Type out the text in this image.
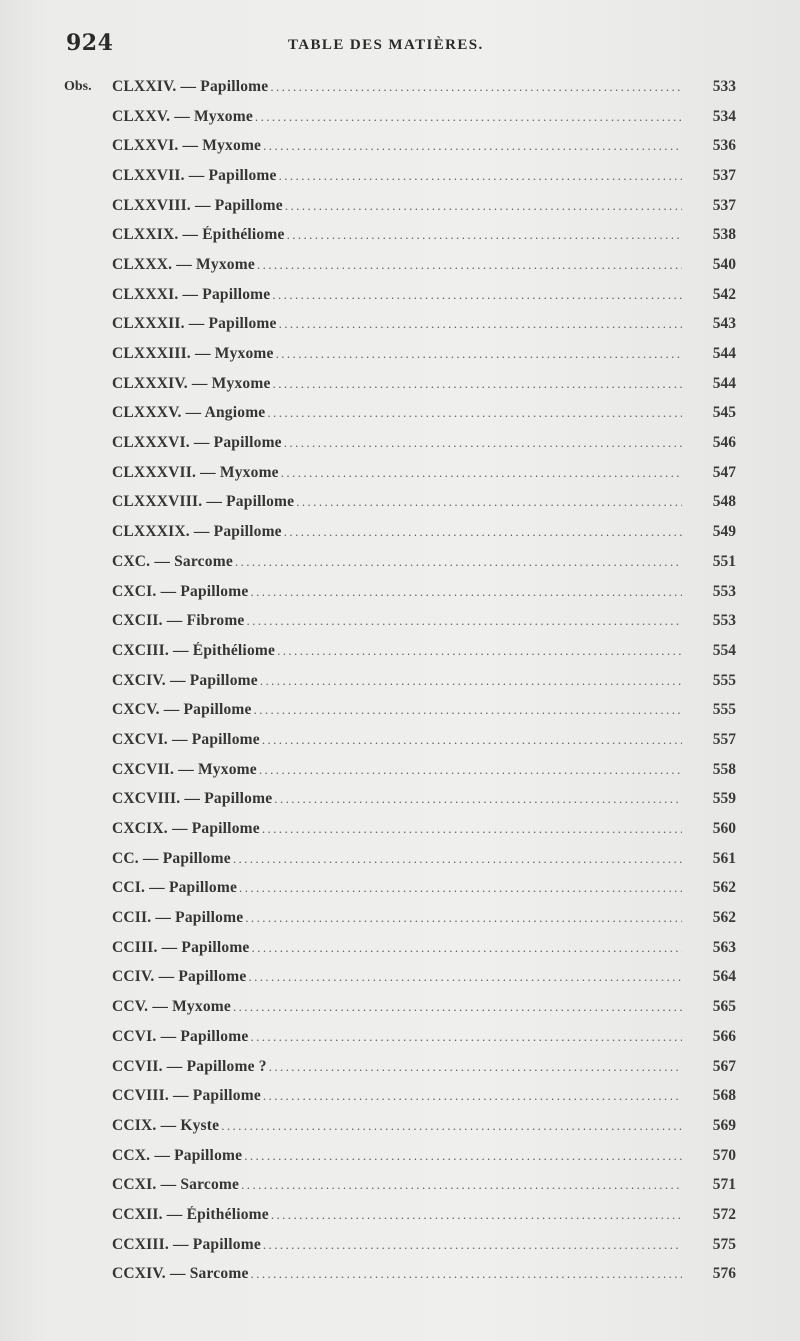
924	TABLE DES MATIÈRES.
Obs.	CLXXIV. — Papillome .....	533
CLXXV. — Myxome .....	534
CLXXVI. — Myxome .....	536
CLXXVII. — Papillome .....	537
CLXXVIII. — Papillome .....	537
CLXXIX. — Épithéliome .....	538
CLXXX. — Myxome .....	540
CLXXXI. — Papillome .....	542
CLXXXII. — Papillome .....	543
CLXXXIII. — Myxome .....	544
CLXXXIV. — Myxome .....	544
CLXXXV. — Angiome .....	545
CLXXXVI. — Papillome .....	546
CLXXXVII. — Myxome .....	547
CLXXXVIII. — Papillome .....	548
CLXXXIX. — Papillome .....	549
CXC. — Sarcome .....	551
CXCI. — Papillome .....	553
CXCII. — Fibrome .....	553
CXCIII. — Épithéliome .....	554
CXCIV. — Papillome .....	555
CXCV. — Papillome .....	555
CXCVI. — Papillome .....	557
CXCVII. — Myxome .....	558
CXCVIII. — Papillome .....	559
CXCIX. — Papillome .....	560
CC. — Papillome .....	561
CCI. — Papillome .....	562
CCII. — Papillome .....	562
CCIII. — Papillome .....	563
CCIV. — Papillome .....	564
CCV. — Myxome .....	565
CCVI. — Papillome .....	566
CCVII. — Papillome ? .....	567
CCVIII. — Papillome .....	568
CCIX. — Kyste .....	569
CCX. — Papillome .....	570
CCXI. — Sarcome .....	571
CCXII. — Épithéliome .....	572
CCXIII. — Papillome .....	575
CCXIV. — Sarcome .....	576
